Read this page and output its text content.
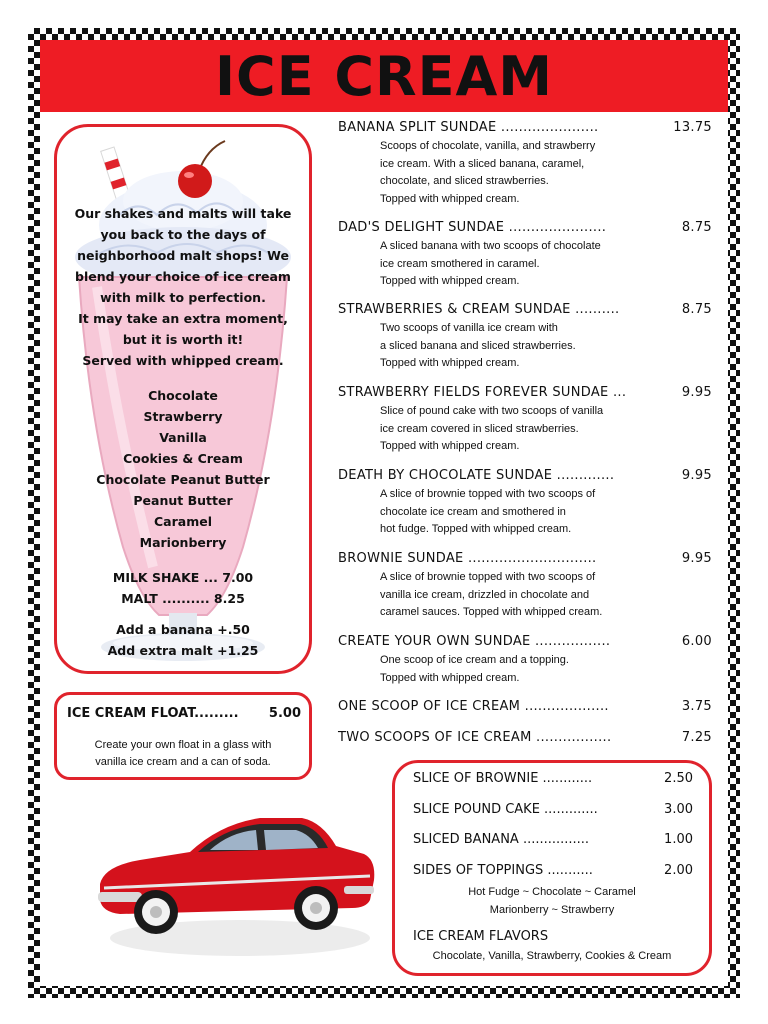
ICE CREAM
Our shakes and malts will take
you back to the days of
neighborhood malt shops! We
blend your choice of ice cream
with milk to perfection.
It may take an extra moment,
but it is worth it!
Served with whipped cream.
Chocolate
Strawberry
Vanilla
Cookies & Cream
Chocolate Peanut Butter
Peanut Butter
Caramel
Marionberry
MILK SHAKE ... 7.00
MALT .......... 8.25
Add a banana +.50
Add extra malt +1.25
ICE CREAM FLOAT......... 5.00
Create your own float in a glass with
vanilla ice cream and a can of soda.
BANANA SPLIT SUNDAE ......................	13.75
Scoops of chocolate, vanilla, and strawberry
ice cream. With a sliced banana, caramel,
chocolate, and sliced strawberries.
Topped with whipped cream.
DAD'S DELIGHT SUNDAE ......................	8.75
A sliced banana with two scoops of chocolate
ice cream smothered in caramel.
Topped with whipped cream.
STRAWBERRIES & CREAM SUNDAE ..........	8.75
Two scoops of vanilla ice cream with
a sliced banana and sliced strawberries.
Topped with whipped cream.
STRAWBERRY FIELDS FOREVER SUNDAE ...	9.95
Slice of pound cake with two scoops of vanilla
ice cream covered in sliced strawberries.
Topped with whipped cream.
DEATH BY CHOCOLATE SUNDAE .............	9.95
A slice of brownie topped with two scoops of
chocolate ice cream and smothered in
hot fudge. Topped with whipped cream.
BROWNIE SUNDAE .............................	9.95
A slice of brownie topped with two scoops of
vanilla ice cream, drizzled in chocolate and
caramel sauces. Topped with whipped cream.
CREATE YOUR OWN SUNDAE .................	6.00
One scoop of ice cream and a topping.
Topped with whipped cream.
ONE SCOOP OF ICE CREAM ...................	3.75
TWO SCOOPS OF ICE CREAM .................	7.25
SLICE OF BROWNIE ............	2.50
SLICE POUND CAKE .............	3.00
SLICED BANANA ................	1.00
SIDES OF TOPPINGS ...........	2.00
Hot Fudge ~ Chocolate ~ Caramel
Marionberry ~ Strawberry
ICE CREAM FLAVORS
Chocolate, Vanilla, Strawberry, Cookies & Cream
